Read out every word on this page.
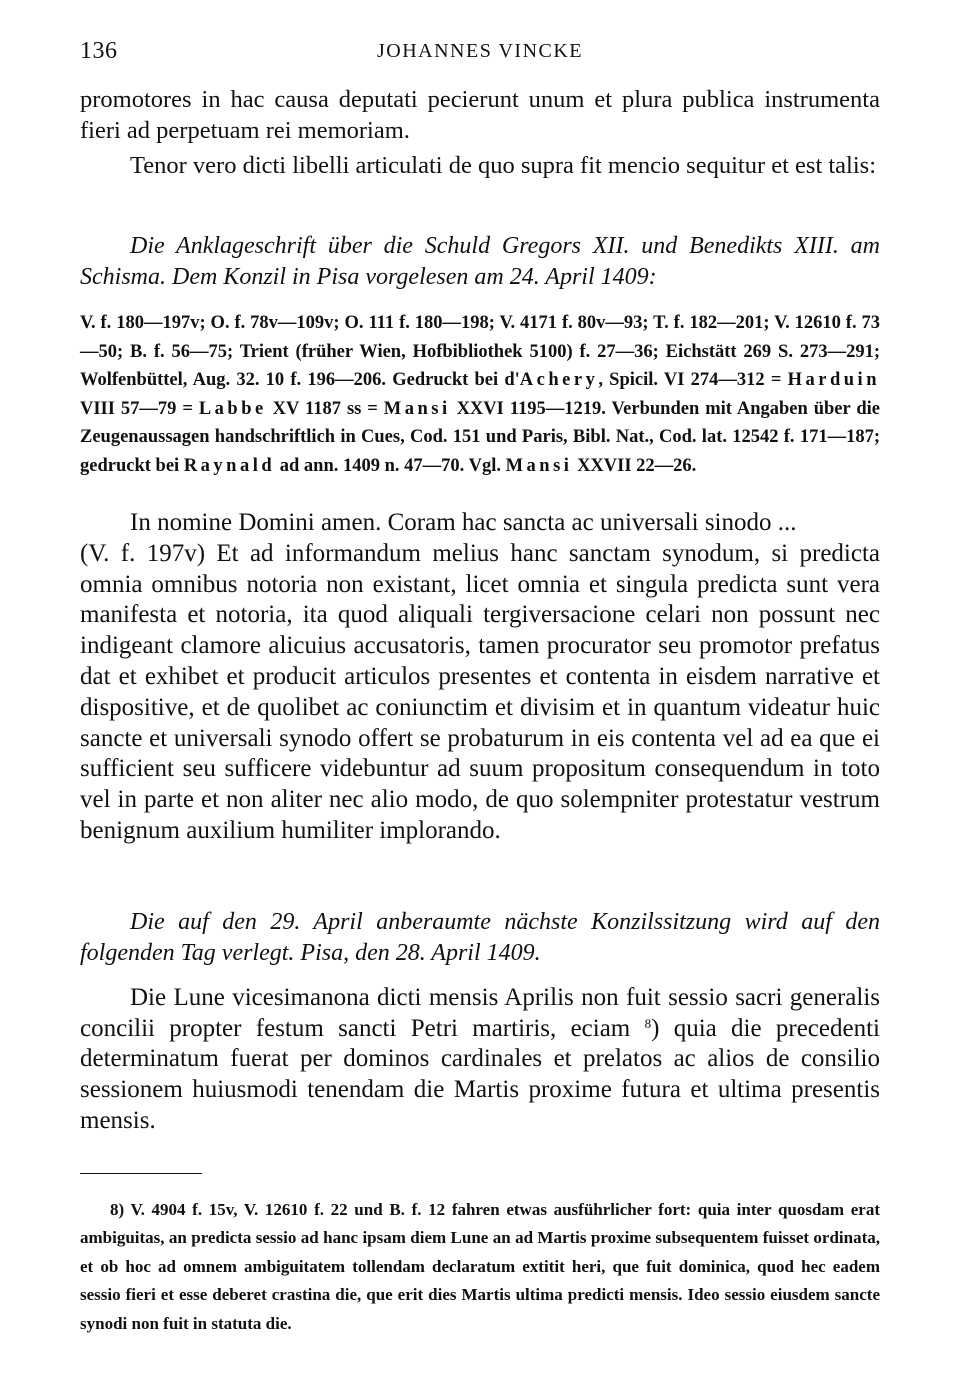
136	JOHANNES VINCKE

promotores in hac causa deputati pecierunt unum et plura publica instrumenta fieri ad perpetuam rei memoriam.

Tenor vero dicti libelli articulati de quo supra fit mencio sequitur et est talis:

Die Anklageschrift über die Schuld Gregors XII. und Benedikts XIII. am Schisma. Dem Konzil in Pisa vorgelesen am 24. April 1409:

V. f. 180—197v; O. f. 78v—109v; O. 111 f. 180—198; V. 4171 f. 80v—93; T. f. 182—201; V. 12610 f. 73—50; B. f. 56—75; Trient (früher Wien, Hofbibliothek 5100) f. 27—36; Eichstätt 269 S. 273—291; Wolfenbüttel, Aug. 32. 10 f. 196—206. Gedruckt bei d'Achery, Spicil. VI 274—312 = Harduin VIII 57—79 = Labbe XV 1187 ss = Mansi XXVI 1195—1219. Verbunden mit Angaben über die Zeugenaussagen handschriftlich in Cues, Cod. 151 und Paris, Bibl. Nat., Cod. lat. 12542 f. 171—187; gedruckt bei Raynald ad ann. 1409 n. 47—70. Vgl. Mansi XXVII 22—26.

In nomine Domini amen. Coram hac sancta ac universali sinodo ...

(V. f. 197v) Et ad informandum melius hanc sanctam synodum, si predicta omnia omnibus notoria non existant, licet omnia et singula predicta sunt vera manifesta et notoria, ita quod aliquali tergiversacione celari non possunt nec indigeant clamore alicuius accusatoris, tamen procurator seu promotor prefatus dat et exhibet et producit articulos presentes et contenta in eisdem narrative et dispositive, et de quolibet ac coniunctim et divisim et in quantum videatur huic sancte et universali synodo offert se probaturum in eis contenta vel ad ea que ei sufficient seu sufficere videbuntur ad suum propositum consequendum in toto vel in parte et non aliter nec alio modo, de quo solempniter protestatur vestrum benignum auxilium humiliter implorando.

Die auf den 29. April anberaumte nächste Konzilssitzung wird auf den folgenden Tag verlegt. Pisa, den 28. April 1409.

Die Lune vicesimanona dicti mensis Aprilis non fuit sessio sacri generalis concilii propter festum sancti Petri martiris, eciam $^8$) quia die precedenti determinatum fuerat per dominos cardinales et prelatos ac alios de consilio sessionem huiusmodi tenendam die Martis proxime futura et ultima presentis mensis.

8) V. 4904 f. 15v, V. 12610 f. 22 und B. f. 12 fahren etwas ausführlicher fort: quia inter quosdam erat ambiguitas, an predicta sessio ad hanc ipsam diem Lune an ad Martis proxime subsequentem fuisset ordinata, et ob hoc ad omnem ambiguitatem tollendam declaratum extitit heri, que fuit dominica, quod hec eadem sessio fieri et esse deberet crastina die, que erit dies Martis ultima predicti mensis. Ideo sessio eiusdem sancte synodi non fuit in statuta die.
